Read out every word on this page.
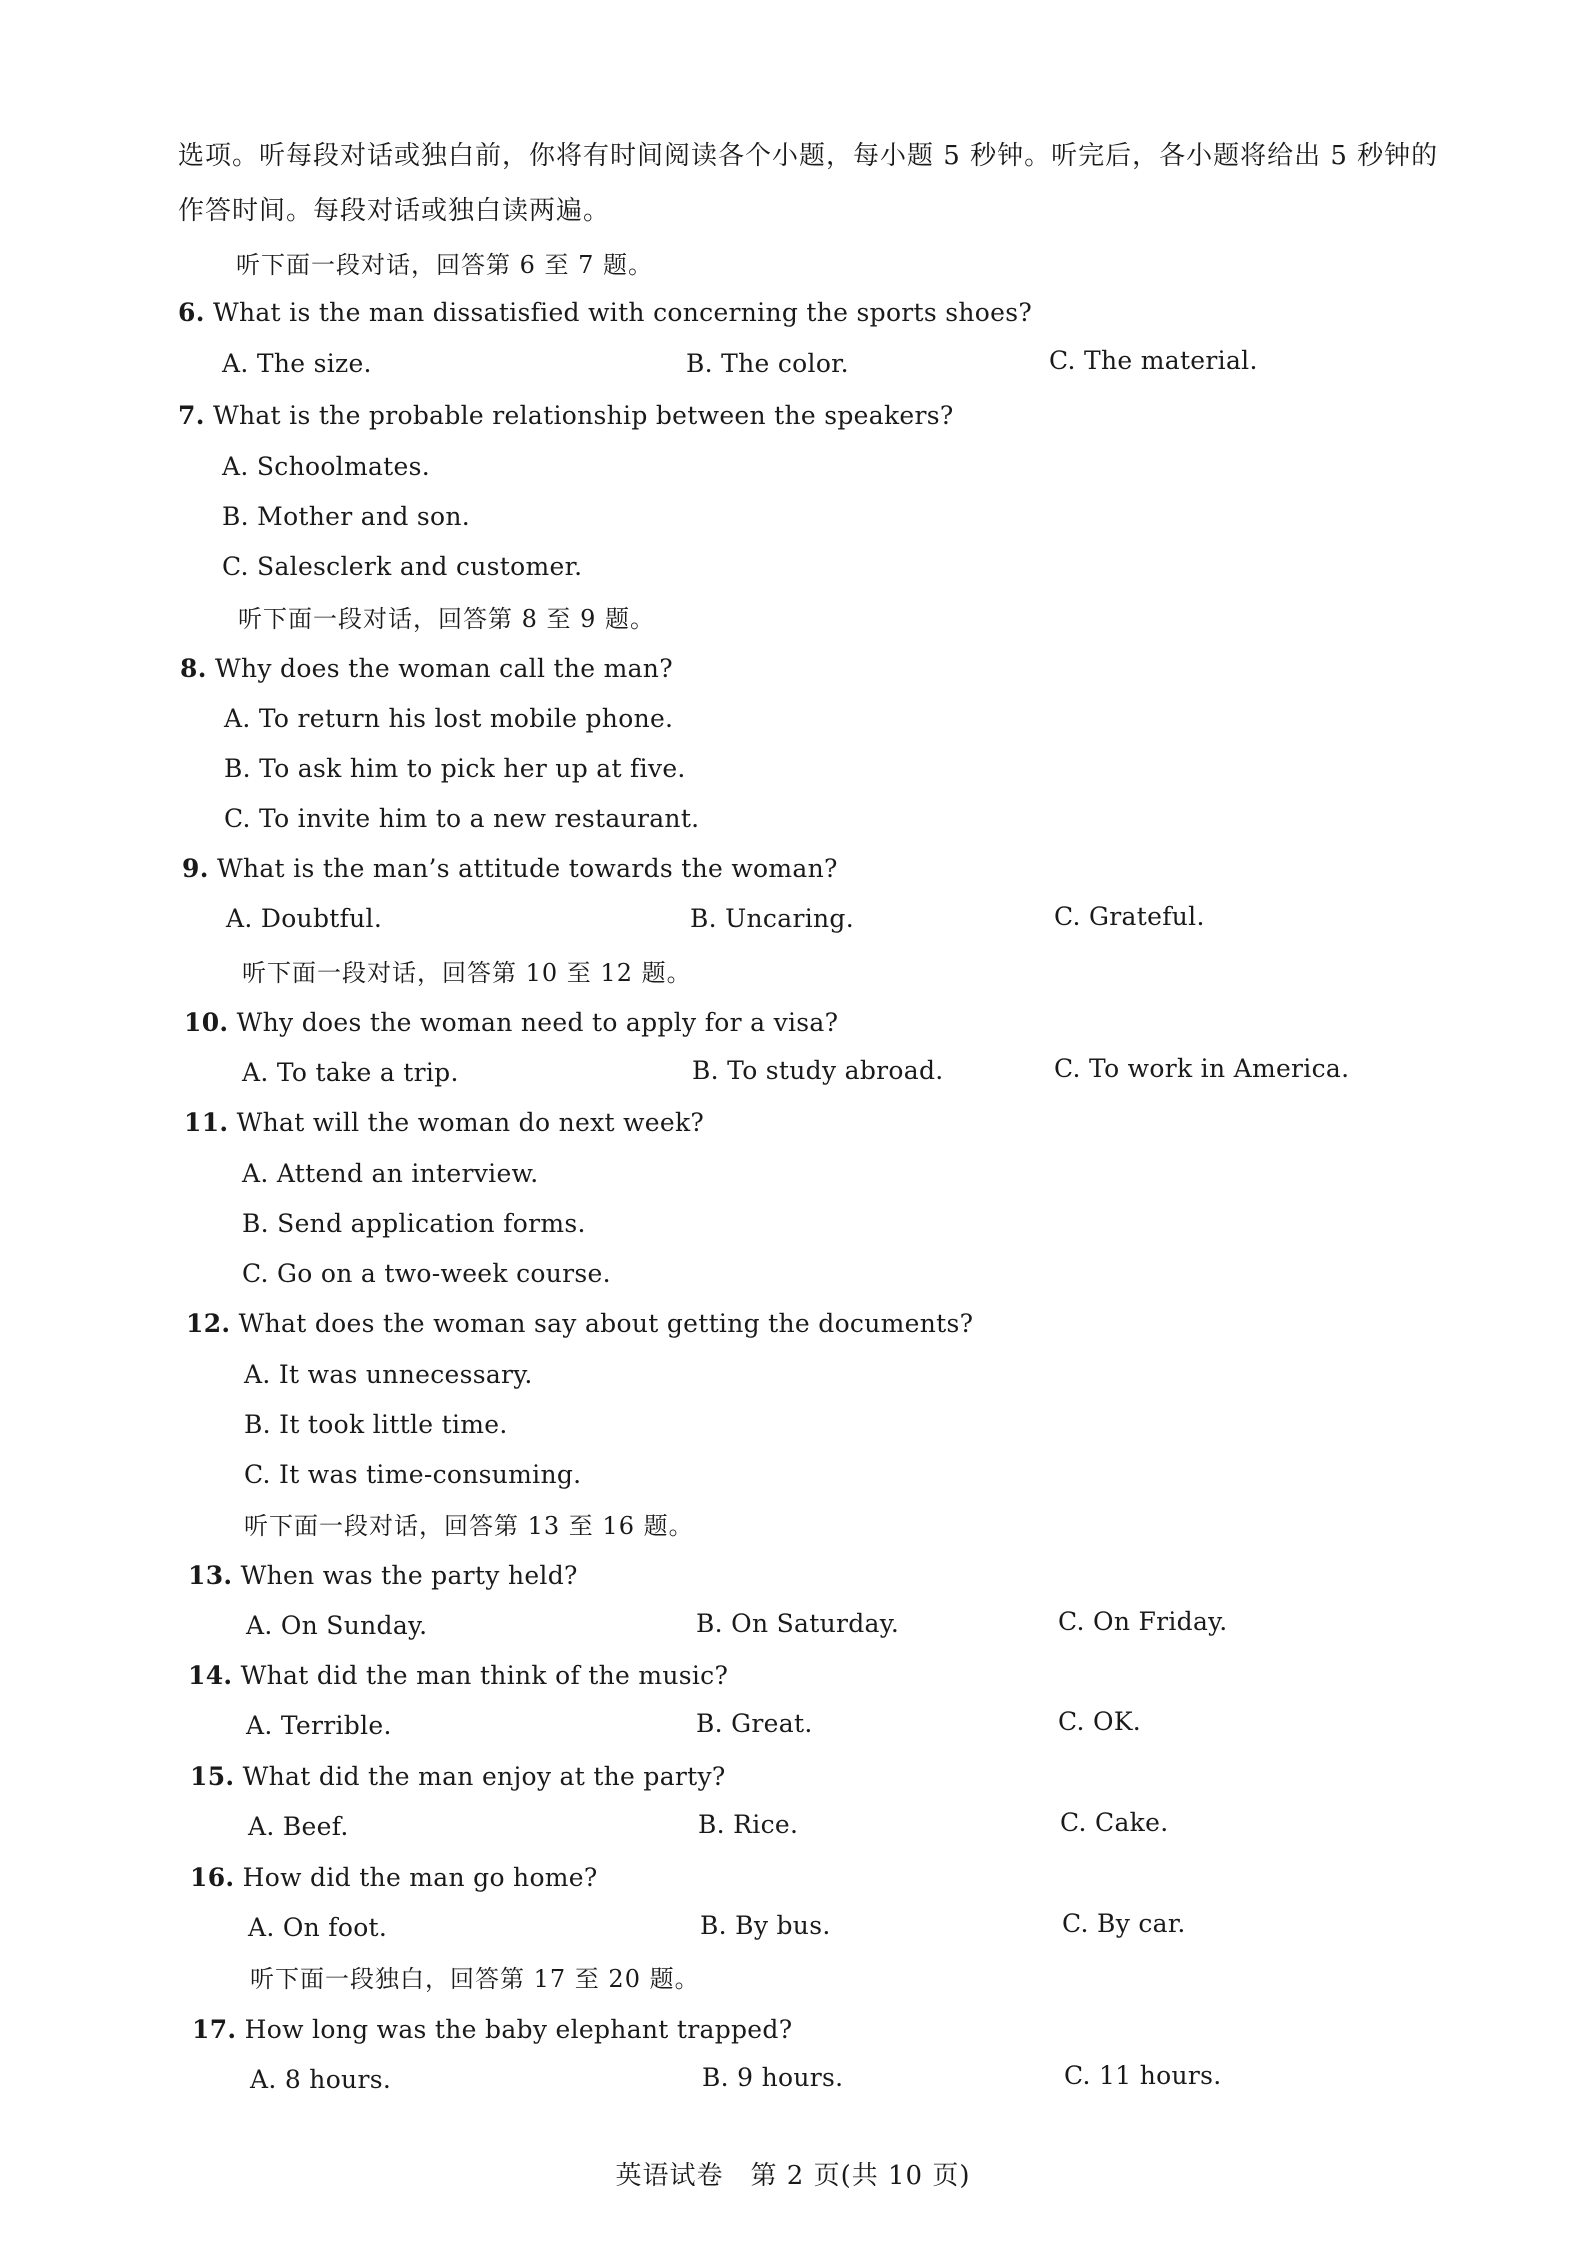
选项。听每段对话或独白前，你将有时间阅读各个小题，每小题 5 秒钟。听完后，各小题将给出 5 秒钟的
作答时间。每段对话或独白读两遍。
听下面一段对话，回答第 6 至 7 题。
6. What is the man dissatisfied with concerning the sports shoes?
A. The size.	B. The color.	C. The material.
7. What is the probable relationship between the speakers?
A. Schoolmates.
B. Mother and son.
C. Salesclerk and customer.
听下面一段对话，回答第 8 至 9 题。
8. Why does the woman call the man?
A. To return his lost mobile phone.
B. To ask him to pick her up at five.
C. To invite him to a new restaurant.
9. What is the man’s attitude towards the woman?
A. Doubtful.	B. Uncaring.	C. Grateful.
听下面一段对话，回答第 10 至 12 题。
10. Why does the woman need to apply for a visa?
A. To take a trip.	B. To study abroad.	C. To work in America.
11. What will the woman do next week?
A. Attend an interview.
B. Send application forms.
C. Go on a two-week course.
12. What does the woman say about getting the documents?
A. It was unnecessary.
B. It took little time.
C. It was time-consuming.
听下面一段对话，回答第 13 至 16 题。
13. When was the party held?
A. On Sunday.	B. On Saturday.	C. On Friday.
14. What did the man think of the music?
A. Terrible.	B. Great.	C. OK.
15. What did the man enjoy at the party?
A. Beef.	B. Rice.	C. Cake.
16. How did the man go home?
A. On foot.	B. By bus.	C. By car.
听下面一段独白，回答第 17 至 20 题。
17. How long was the baby elephant trapped?
A. 8 hours.	B. 9 hours.	C. 11 hours.
英语试卷　第 2 页(共 10 页)
